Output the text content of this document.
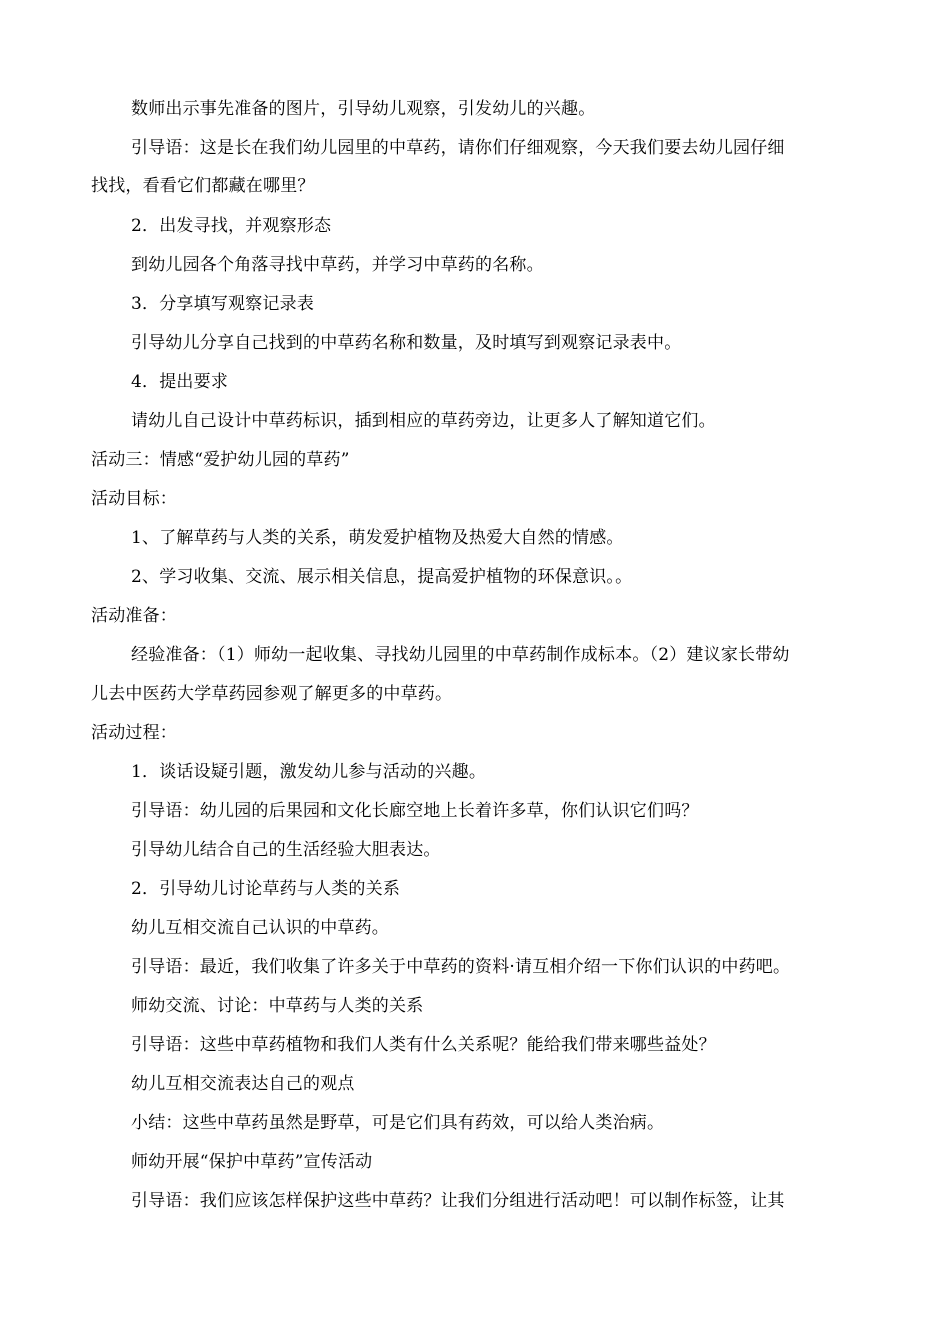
数师出示事先准备的图片，引导幼儿观察，引发幼儿的兴趣。
引导语：这是长在我们幼儿园里的中草药，请你们仔细观察，今天我们要去幼儿园仔细
找找，看看它们都藏在哪里？
2．出发寻找，并观察形态
到幼儿园各个角落寻找中草药，并学习中草药的名称。
3．分享填写观察记录表
引导幼儿分享自己找到的中草药名称和数量，及时填写到观察记录表中。
4．提出要求
请幼儿自己设计中草药标识，插到相应的草药旁边，让更多人了解知道它们。
活动三：情感“爱护幼儿园的草药”
活动目标：
1、了解草药与人类的关系，萌发爱护植物及热爱大自然的情感。
2、学习收集、交流、展示相关信息，提高爱护植物的环保意识。。
活动准备：
经验准备：（1）师幼一起收集、寻找幼儿园里的中草药制作成标本。（2）建议家长带幼
儿去中医药大学草药园参观了解更多的中草药。
活动过程：
1．谈话设疑引题，激发幼儿参与活动的兴趣。
引导语：幼儿园的后果园和文化长廊空地上长着许多草，你们认识它们吗？
引导幼儿结合自己的生活经验大胆表达。
2．引导幼儿讨论草药与人类的关系
幼儿互相交流自己认识的中草药。
引导语：最近，我们收集了许多关于中草药的资料·请互相介绍一下你们认识的中药吧。
师幼交流、讨论：中草药与人类的关系
引导语：这些中草药植物和我们人类有什么关系呢？能给我们带来哪些益处？
幼儿互相交流表达自己的观点
小结：这些中草药虽然是野草，可是它们具有药效，可以给人类治病。
师幼开展“保护中草药”宣传活动
引导语：我们应该怎样保护这些中草药？让我们分组进行活动吧！可以制作标签，让其
